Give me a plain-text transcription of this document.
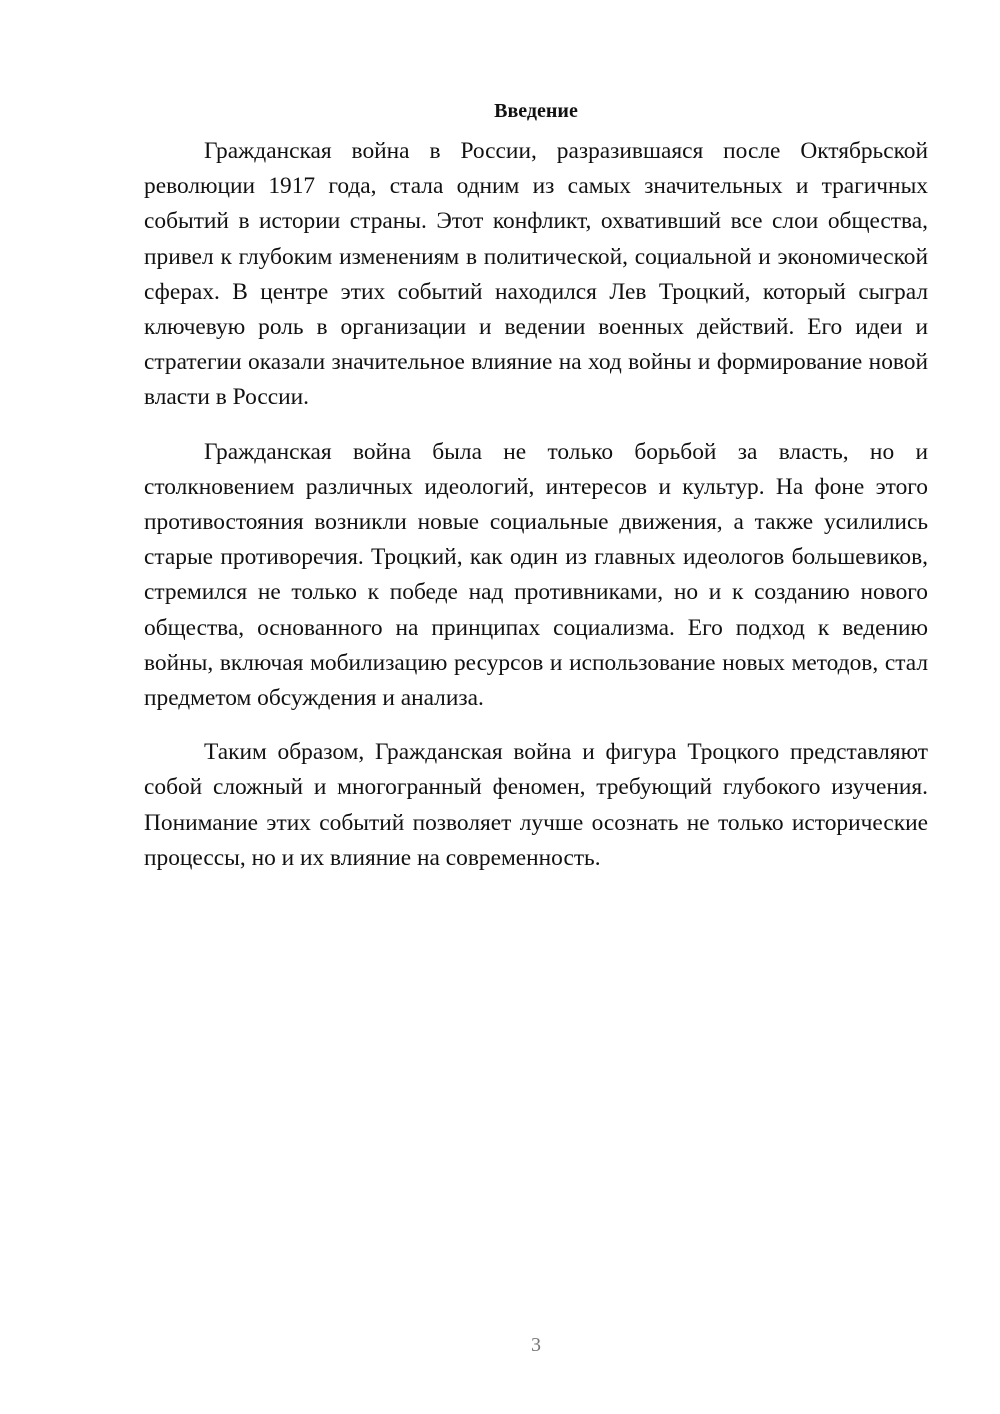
Введение

Гражданская война в России, разразившаяся после Октябрьской революции 1917 года, стала одним из самых значительных и трагичных событий в истории страны. Этот конфликт, охвативший все слои общества, привел к глубоким изменениям в политической, социальной и экономической сферах. В центре этих событий находился Лев Троцкий, который сыграл ключевую роль в организации и ведении военных действий. Его идеи и стратегии оказали значительное влияние на ход войны и формирование новой власти в России.

Гражданская война была не только борьбой за власть, но и столкновением различных идеологий, интересов и культур. На фоне этого противостояния возникли новые социальные движения, а также усилились старые противоречия. Троцкий, как один из главных идеологов большевиков, стремился не только к победе над противниками, но и к созданию нового общества, основанного на принципах социализма. Его подход к ведению войны, включая мобилизацию ресурсов и использование новых методов, стал предметом обсуждения и анализа.

Таким образом, Гражданская война и фигура Троцкого представляют собой сложный и многогранный феномен, требующий глубокого изучения. Понимание этих событий позволяет лучше осознать не только исторические процессы, но и их влияние на современность.

3
